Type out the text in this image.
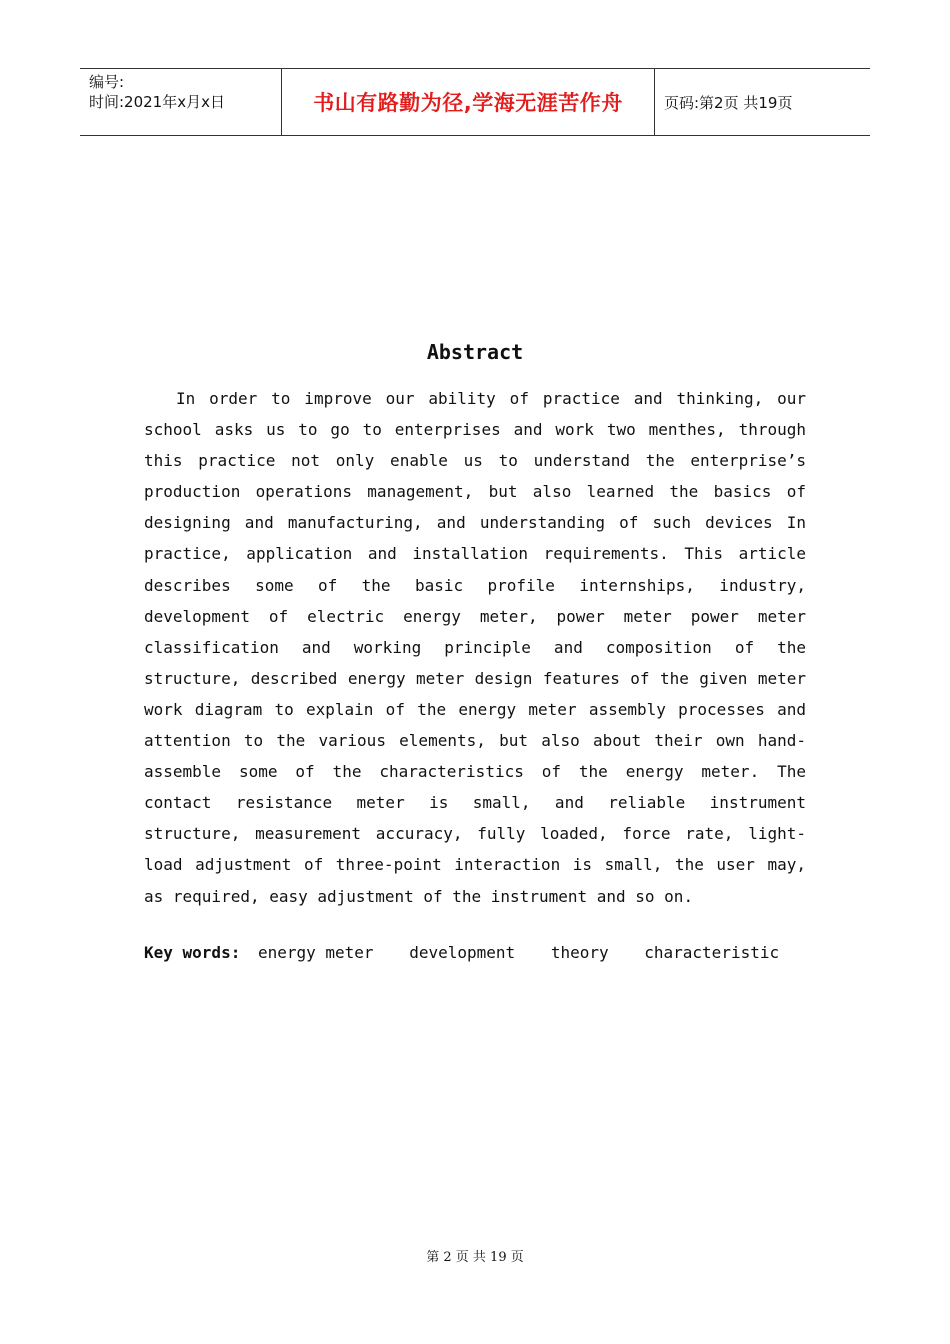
编号:
时间:2021年x月x日	书山有路勤为径,学海无涯苦作舟	页码:第2页 共19页
Abstract

In order to improve our ability of practice and thinking, our school asks us to go to enterprises and work two menthes, through this practice not only enable us to understand the enterprise’s production operations management, but also learned the basics of designing and manufacturing, and understanding of such devices In practice, application and installation requirements. This article describes some of the basic profile internships, industry, development of electric energy meter, power meter power meter classification and working principle and composition of the structure, described energy meter design features of the given meter work diagram to explain of the energy meter assembly processes and attention to the various elements, but also about their own hand-assemble some of the characteristics of the energy meter. The contact resistance meter is small, and reliable instrument structure, measurement accuracy, fully loaded, force rate, light-load adjustment of three-point interaction is small, the user may, as required, easy adjustment of the instrument and so on.

Key words: energy meter development theory characteristic
第 2 页 共 19 页
